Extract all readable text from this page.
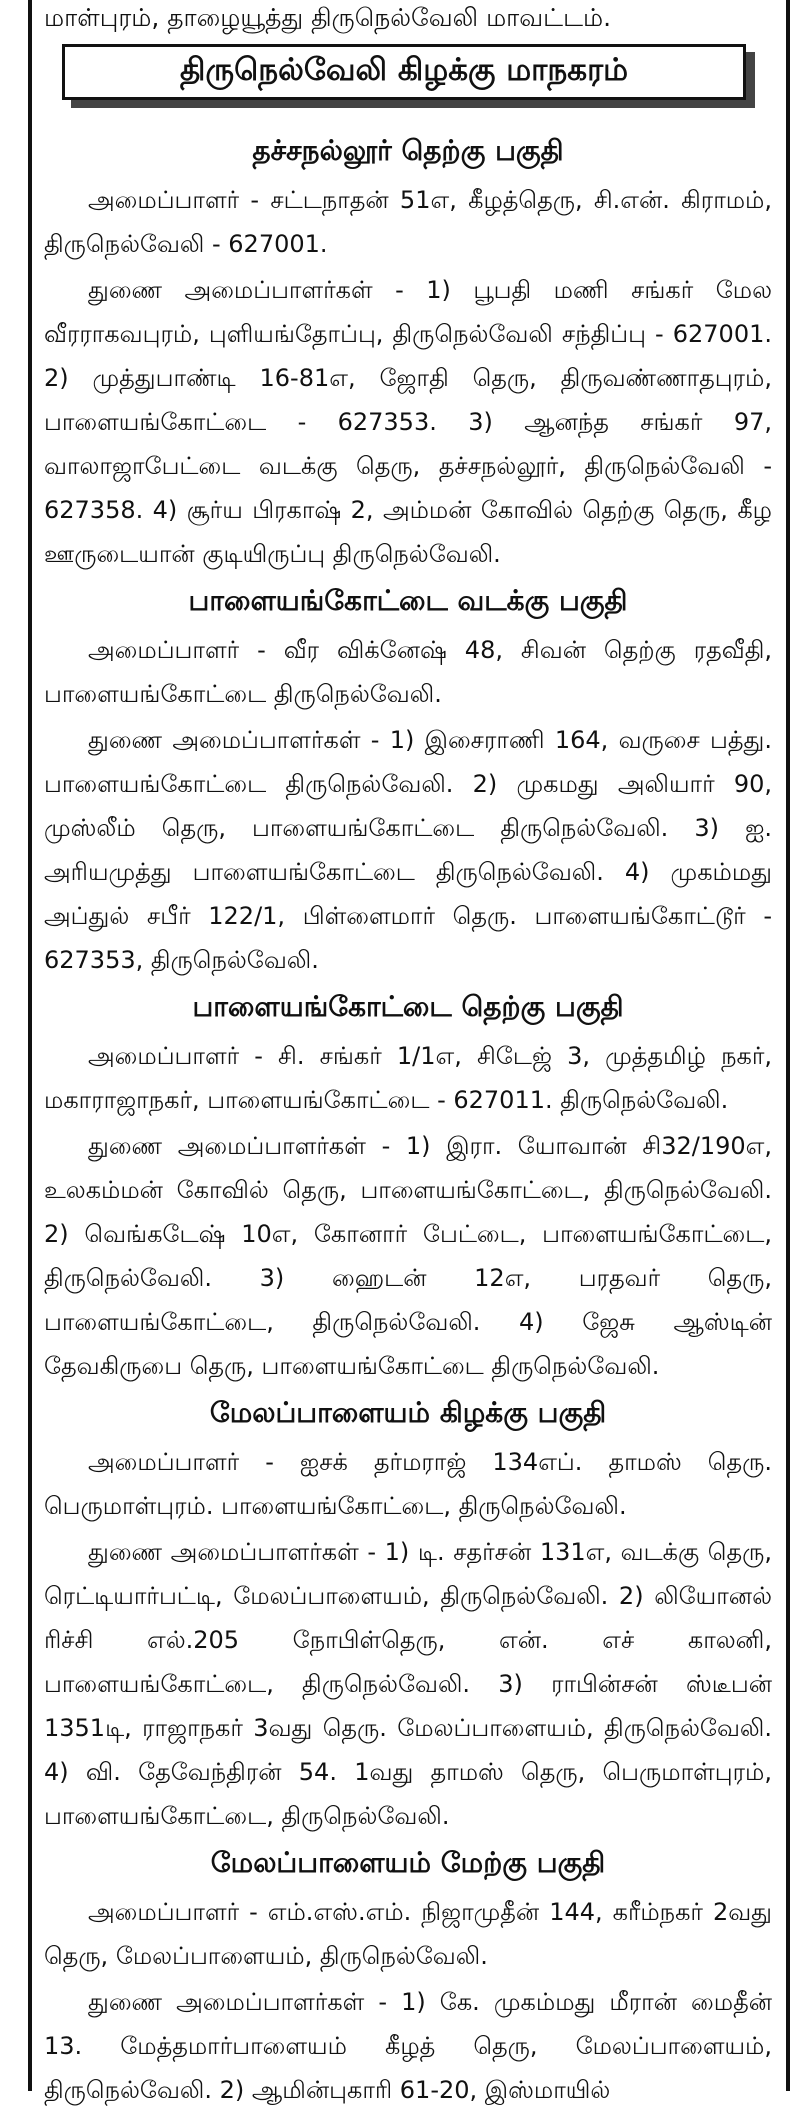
மாள்புரம், தாழையூத்து திருநெல்வேலி மாவட்டம்.
திருநெல்வேலி கிழக்கு மாநகரம்
தச்சநல்லூர் தெற்கு பகுதி

அமைப்பாளர் - சட்டநாதன் 51எ, கீழத்தெரு, சி.என். கிராமம், திருநெல்வேலி - 627001.

துணை அமைப்பாளர்கள் - 1) பூபதி மணி சங்கர் மேல வீரராகவபுரம், புளியங்தோப்பு, திருநெல்வேலி சந்திப்பு - 627001. 2) முத்துபாண்டி 16-81எ, ஜோதி தெரு, திருவண்ணாதபுரம், பாளையங்கோட்டை - 627353. 3) ஆனந்த சங்கர் 97, வாலாஜாபேட்டை வடக்கு தெரு, தச்சநல்லூர், திருநெல்வேலி - 627358. 4) சூர்ய பிரகாஷ் 2, அம்மன் கோவில் தெற்கு தெரு, கீழ ஊருடையான் குடியிருப்பு திருநெல்வேலி.

பாளையங்கோட்டை வடக்கு பகுதி

அமைப்பாளர் - வீர விக்னேஷ் 48, சிவன் தெற்கு ரதவீதி, பாளையங்கோட்டை திருநெல்வேலி.

துணை அமைப்பாளர்கள் - 1) இசைராணி 164, வருசை பத்து. பாளையங்கோட்டை திருநெல்வேலி. 2) முகமது அலியார் 90, முஸ்லீம் தெரு, பாளையங்கோட்டை திருநெல்வேலி. 3) ஐ. அரியமுத்து பாளையங்கோட்டை திருநெல்வேலி. 4) முகம்மது அப்துல் சபீர் 122/1, பிள்ளைமார் தெரு. பாளையங்கோட்டூர் - 627353, திருநெல்வேலி.

பாளையங்கோட்டை தெற்கு பகுதி

அமைப்பாளர் - சி. சங்கர் 1/1எ, சிடேஜ் 3, முத்தமிழ் நகர், மகாராஜாநகர், பாளையங்கோட்டை - 627011. திருநெல்வேலி.

துணை அமைப்பாளர்கள் - 1) இரா. யோவான் சி32/190எ, உலகம்மன் கோவில் தெரு, பாளையங்கோட்டை, திருநெல்வேலி. 2) வெங்கடேஷ் 10எ, கோனார் பேட்டை, பாளையங்கோட்டை, திருநெல்வேலி. 3) ஹைடன் 12எ, பரதவர் தெரு, பாளையங்கோட்டை, திருநெல்வேலி. 4) ஜேசு ஆஸ்டின் தேவகிருபை தெரு, பாளையங்கோட்டை திருநெல்வேலி.

மேலப்பாளையம் கிழக்கு பகுதி

அமைப்பாளர் - ஐசக் தர்மராஜ் 134எப். தாமஸ் தெரு. பெருமாள்புரம். பாளையங்கோட்டை, திருநெல்வேலி.

துணை அமைப்பாளர்கள் - 1) டி. சதர்சன் 131எ, வடக்கு தெரு, ரெட்டியார்பட்டி, மேலப்பாளையம், திருநெல்வேலி. 2) லியோனல் ரிச்சி எல்.205 நோபிள்தெரு, என். எச் காலனி, பாளையங்கோட்டை, திருநெல்வேலி. 3) ராபின்சன் ஸ்டீபன் 1351டி, ராஜாநகர் 3வது தெரு. மேலப்பாளையம், திருநெல்வேலி. 4) வி. தேவேந்திரன் 54. 1வது தாமஸ் தெரு, பெருமாள்புரம், பாளையங்கோட்டை, திருநெல்வேலி.

மேலப்பாளையம் மேற்கு பகுதி

அமைப்பாளர் - எம்.எஸ்.எம். நிஜாமுதீன் 144, கரீம்நகர் 2வது தெரு, மேலப்பாளையம், திருநெல்வேலி.

துணை அமைப்பாளர்கள் - 1) கே. முகம்மது மீரான் மைதீன் 13. மேத்தமார்பாளையம் கீழத் தெரு, மேலப்பாளையம், திருநெல்வேலி. 2) ஆமின்புகாரி 61-20, இஸ்மாயில்
